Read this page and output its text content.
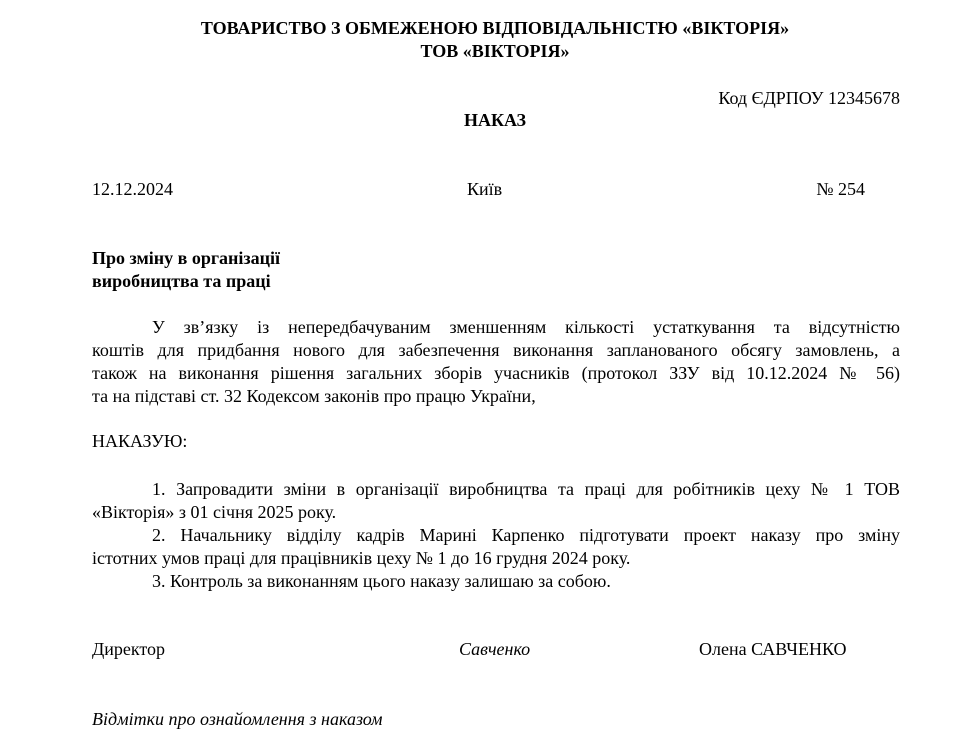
ТОВАРИСТВО З ОБМЕЖЕНОЮ ВІДПОВІДАЛЬНІСТЮ «ВІКТОРІЯ»
ТОВ «ВІКТОРІЯ»
Код ЄДРПОУ 12345678
НАКАЗ
12.12.2024	Київ	№ 254
Про зміну в організації
виробництва та праці
У зв’язку із непередбачуваним зменшенням кількості устаткування та відсутністю
коштів для придбання нового для забезпечення виконання запланованого обсягу замовлень, а
також на виконання рішення загальних зборів учасників (протокол ЗЗУ від 10.12.2024 № 56)
та на підставі ст. 32 Кодексом законів про працю України,
НАКАЗУЮ:
1. Запровадити зміни в організації виробництва та праці для робітників цеху № 1 ТОВ
«Вікторія» з 01 січня 2025 року.
2. Начальнику відділу кадрів Марині Карпенко підготувати проект наказу про зміну
істотних умов праці для працівників цеху № 1 до 16 грудня 2024 року.
3. Контроль за виконанням цього наказу залишаю за собою.
Директор	Савченко	Олена САВЧЕНКО
Відмітки про ознайомлення з наказом
